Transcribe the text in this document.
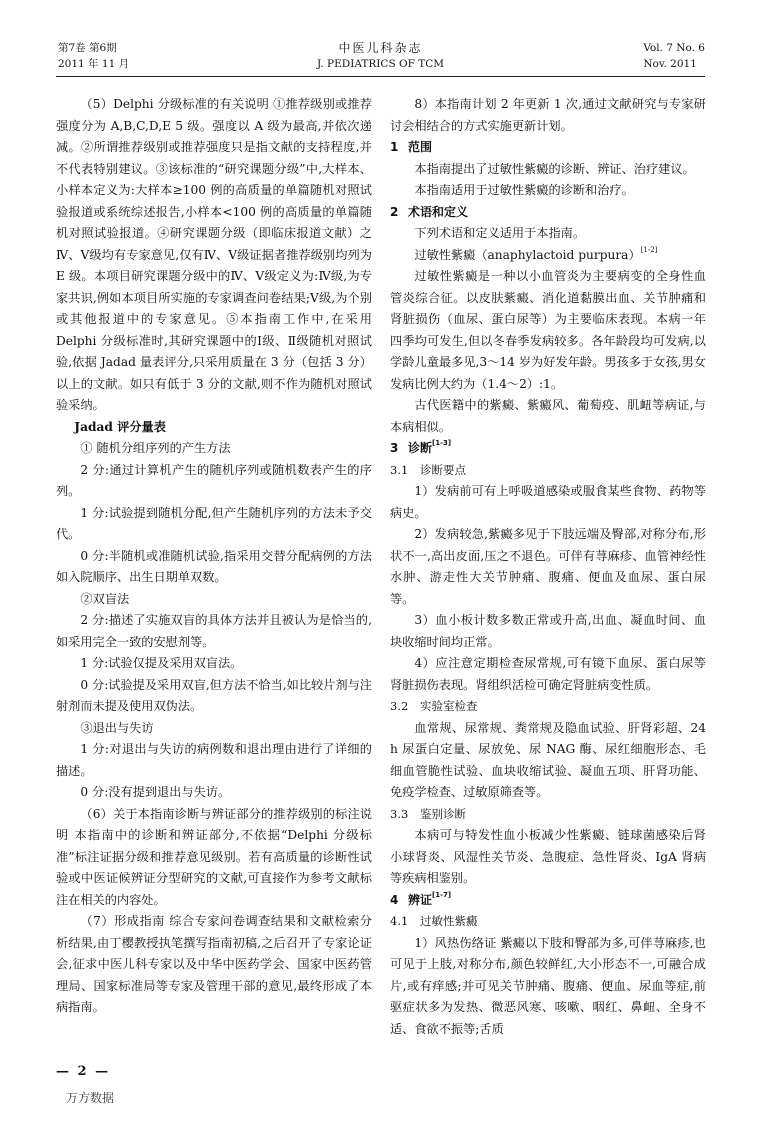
第7卷 第6期
2011 年 11 月
中医儿科杂志
J. PEDIATRICS OF TCM
Vol. 7 No. 6
Nov. 2011

（5）Delphi 分级标准的有关说明 ①推荐级别或推荐强度分为 A,B,C,D,E 5 级。强度以 A 级为最高,并依次递减。②所谓推荐级别或推荐强度只是指文献的支持程度,并不代表特别建议。③该标准的“研究课题分级”中,大样本、小样本定义为:大样本≥100 例的高质量的单篇随机对照试验报道或系统综述报告,小样本<100 例的高质量的单篇随机对照试验报道。④研究课题分级（即临床报道文献）之Ⅳ、Ⅴ级均有专家意见,仅有Ⅳ、Ⅴ级证据者推荐级别均列为 E 级。本项目研究课题分级中的Ⅳ、Ⅴ级定义为:Ⅳ级,为专家共识,例如本项目所实施的专家调查问卷结果;Ⅴ级,为个别或其他报道中的专家意见。⑤本指南工作中,在采用 Delphi 分级标准时,其研究课题中的Ⅰ级、Ⅱ级随机对照试验,依据 Jadad 量表评分,只采用质量在 3 分（包括 3 分）以上的文献。如只有低于 3 分的文献,则不作为随机对照试验采纳。

Jadad 评分量表

① 随机分组序列的产生方法

2 分:通过计算机产生的随机序列或随机数表产生的序列。

1 分:试验提到随机分配,但产生随机序列的方法未予交代。

0 分:半随机或准随机试验,指采用交替分配病例的方法如入院顺序、出生日期单双数。

②双盲法

2 分:描述了实施双盲的具体方法并且被认为是恰当的,如采用完全一致的安慰剂等。

1 分:试验仅提及采用双盲法。

0 分:试验提及采用双盲,但方法不恰当,如比较片剂与注射剂而未提及使用双伪法。

③退出与失访

1 分:对退出与失访的病例数和退出理由进行了详细的描述。

0 分:没有提到退出与失访。

（6）关于本指南诊断与辨证部分的推荐级别的标注说明 本指南中的诊断和辨证部分,不依据“Delphi 分级标准”标注证据分级和推荐意见级别。若有高质量的诊断性试验或中医证候辨证分型研究的文献,可直接作为参考文献标注在相关的内容处。

（7）形成指南 综合专家问卷调查结果和文献检索分析结果,由丁樱教授执笔撰写指南初稿,之后召开了专家论证会,征求中医儿科专家以及中华中医药学会、国家中医药管理局、国家标准局等专家及管理干部的意见,最终形成了本病指南。

8）本指南计划 2 年更新 1 次,通过文献研究与专家研讨会相结合的方式实施更新计划。

1 范围

本指南提出了过敏性紫癜的诊断、辨证、治疗建议。

本指南适用于过敏性紫癜的诊断和治疗。

2 术语和定义

下列术语和定义适用于本指南。

过敏性紫癜（anaphylactoid purpura）[1-2]

过敏性紫癜是一种以小血管炎为主要病变的全身性血管炎综合征。以皮肤紫癜、消化道黏膜出血、关节肿痛和肾脏损伤（血尿、蛋白尿等）为主要临床表现。本病一年四季均可发生,但以冬春季发病较多。各年龄段均可发病,以学龄儿童最多见,3～14 岁为好发年龄。男孩多于女孩,男女发病比例大约为（1.4～2）:1。

古代医籍中的紫癜、紫癜风、葡萄疫、肌衄等病证,与本病相似。

3 诊断[1-3]

3.1 诊断要点

1）发病前可有上呼吸道感染或服食某些食物、药物等病史。

2）发病较急,紫癜多见于下肢远端及臀部,对称分布,形状不一,高出皮面,压之不退色。可伴有荨麻疹、血管神经性水肿、游走性大关节肿痛、腹痛、便血及血尿、蛋白尿等。

3）血小板计数多数正常或升高,出血、凝血时间、血块收缩时间均正常。

4）应注意定期检查尿常规,可有镜下血尿、蛋白尿等肾脏损伤表现。肾组织活检可确定肾脏病变性质。

3.2 实验室检查

血常规、尿常规、粪常规及隐血试验、肝肾彩超、24 h 尿蛋白定量、尿放免、尿 NAG 酶、尿红细胞形态、毛细血管脆性试验、血块收缩试验、凝血五项、肝肾功能、免疫学检查、过敏原筛查等。

3.3 鉴别诊断

本病可与特发性血小板减少性紫癜、链球菌感染后肾小球肾炎、风湿性关节炎、急腹症、急性肾炎、IgA 肾病等疾病相鉴别。

4 辨证[1-7]

4.1 过敏性紫癜

1）风热伤络证 紫癜以下肢和臀部为多,可伴荨麻疹,也可见于上肢,对称分布,颜色较鲜红,大小形态不一,可融合成片,或有痒感;并可见关节肿痛、腹痛、便血、尿血等症,前驱症状多为发热、微恶风寒、咳嗽、咽红、鼻衄、全身不适、食欲不振等;舌质

— 2 —
万方数据
